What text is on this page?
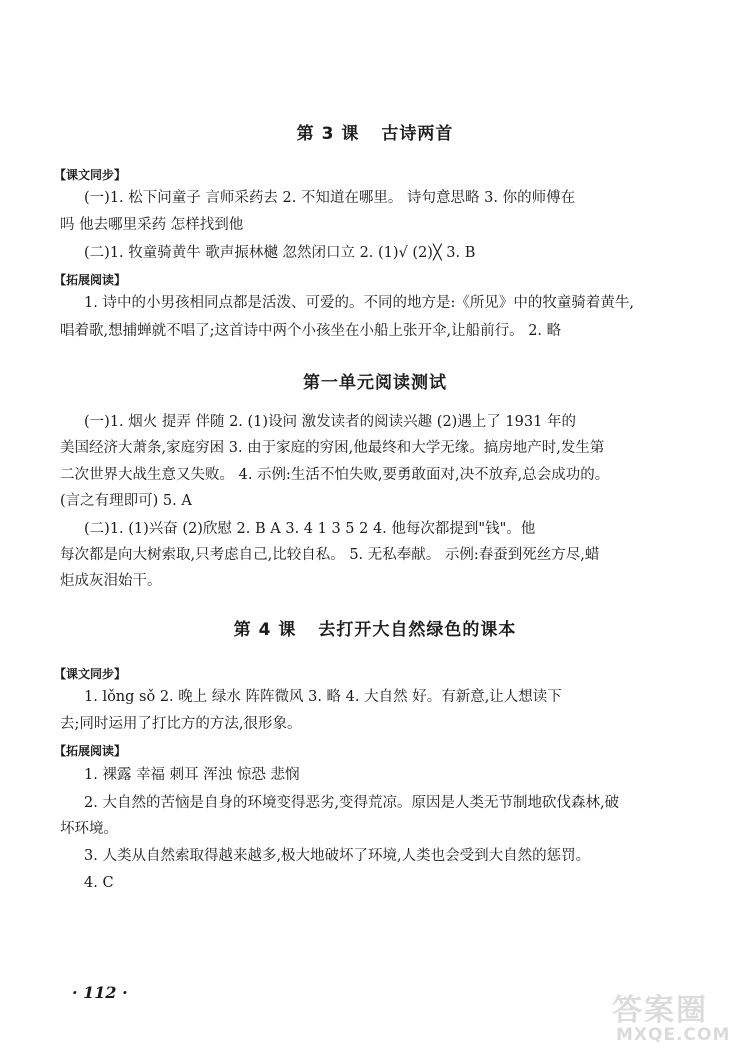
第 3 课 古诗两首
【课文同步】
(一)1. 松下问童子 言师采药去 2. 不知道在哪里。 诗句意思略 3. 你的师傅在
吗 他去哪里采药 怎样找到他
(二)1. 牧童骑黄牛 歌声振林樾 忽然闭口立 2. (1)√ (2)╳ 3. B
【拓展阅读】
1. 诗中的小男孩相同点都是活泼、可爱的。不同的地方是:《所见》中的牧童骑着黄牛,
唱着歌,想捕蝉就不唱了;这首诗中两个小孩坐在小船上张开伞,让船前行。 2. 略
第一单元阅读测试
(一)1. 烟火 提弄 伴随 2. (1)设问 激发读者的阅读兴趣 (2)遇上了 1931 年的
美国经济大萧条,家庭穷困 3. 由于家庭的穷困,他最终和大学无缘。搞房地产时,发生第
二次世界大战生意又失败。 4. 示例:生活不怕失败,要勇敢面对,决不放弃,总会成功的。
(言之有理即可) 5. A
(二)1. (1)兴奋 (2)欣慰 2. B A 3. 4 1 3 5 2 4. 他每次都提到"钱"。他
每次都是向大树索取,只考虑自己,比较自私。 5. 无私奉献。 示例:春蚕到死丝方尽,蜡
炬成灰泪始干。
第 4 课 去打开大自然绿色的课本
【课文同步】
1. lǒng sǒ 2. 晚上 绿水 阵阵微风 3. 略 4. 大自然 好。有新意,让人想读下
去;同时运用了打比方的方法,很形象。
【拓展阅读】
1. 裸露 幸福 刺耳 浑浊 惊恐 悲悯
2. 大自然的苦恼是自身的环境变得恶劣,变得荒凉。原因是人类无节制地砍伐森林,破
坏环境。
3. 人类从自然索取得越来越多,极大地破坏了环境,人类也会受到大自然的惩罚。
4. C
· 112 ·
答案圈
MXQE.COM
